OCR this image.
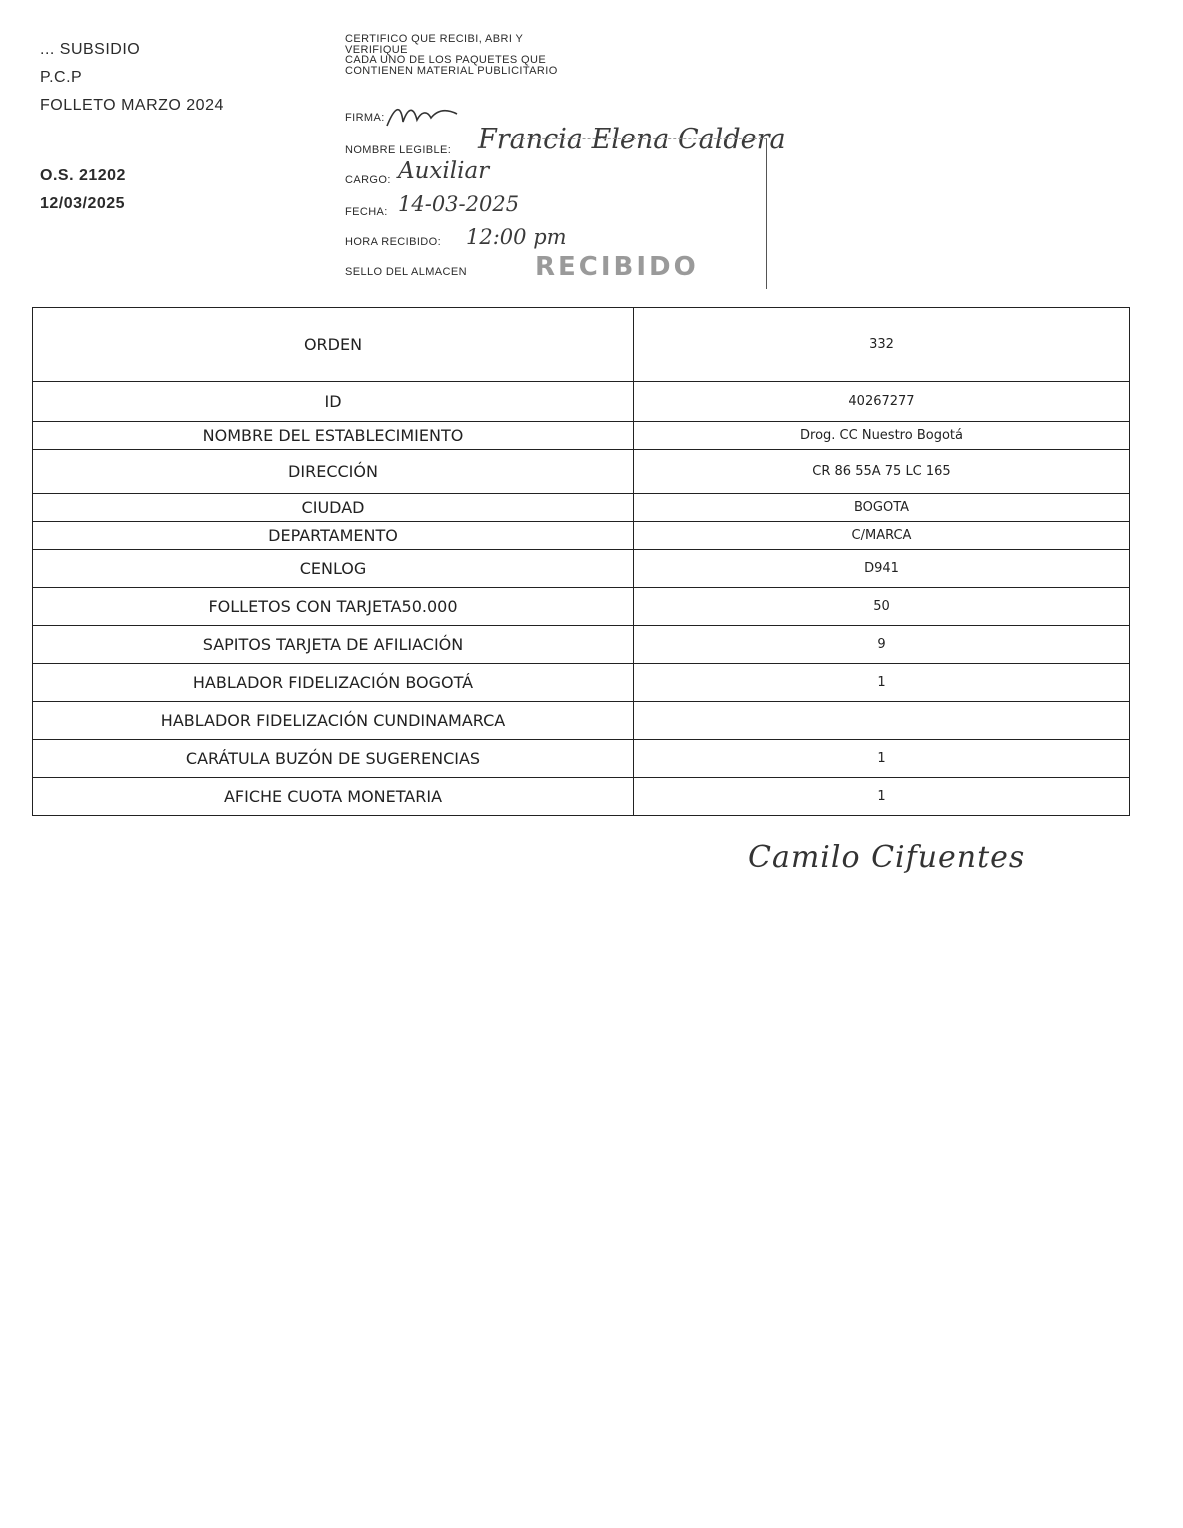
... SUBSIDIO
P.C.P
FOLLETO MARZO 2024
O.S. 21202
12/03/2025
CERTIFICO QUE RECIBI, ABRI Y
VERIFIQUE
CADA UNO DE LOS PAQUETES QUE
CONTIENEN MATERIAL PUBLICITARIO
FIRMA:
NOMBRE LEGIBLE: Francia Elena Caldera
CARGO: Auxiliar
FECHA: 14-03-2025
HORA RECIBIDO: 12:00 pm
SELLO DEL ALMACEN	RECIBIDO
ORDEN	332
ID	40267277
NOMBRE DEL ESTABLECIMIENTO	Drog. CC Nuestro Bogotá
DIRECCIÓN	CR 86 55A 75 LC 165
CIUDAD	BOGOTA
DEPARTAMENTO	C/MARCA
CENLOG	D941
FOLLETOS CON TARJETA50.000	50
SAPITOS TARJETA DE AFILIACIÓN	9
HABLADOR FIDELIZACIÓN BOGOTÁ	1
HABLADOR FIDELIZACIÓN CUNDINAMARCA	
CARÁTULA BUZÓN DE SUGERENCIAS	1
AFICHE CUOTA MONETARIA	1
Camilo Cifuentes
